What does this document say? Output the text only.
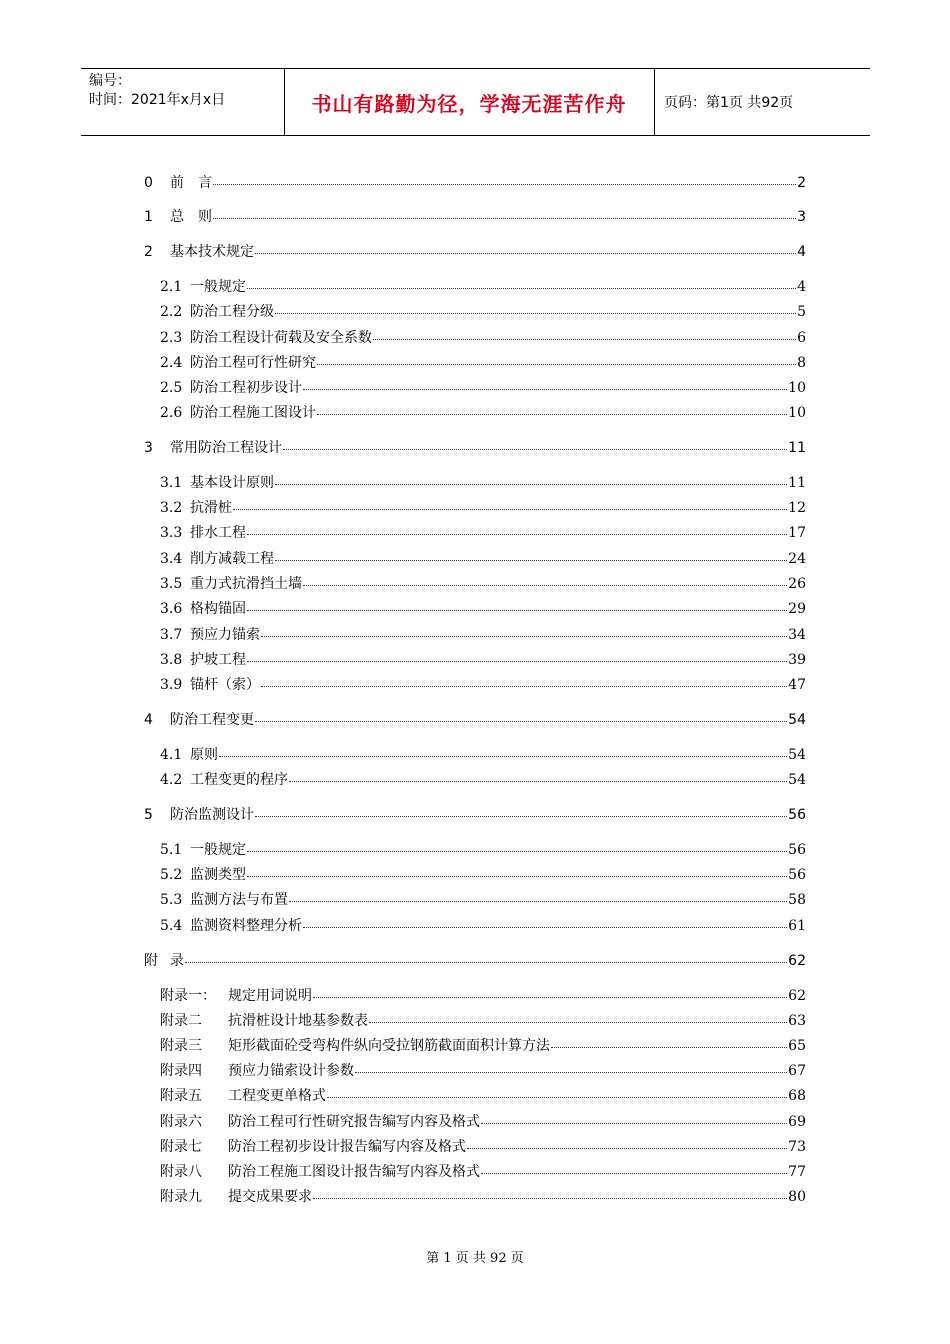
编号：
时间：2021年x月x日	书山有路勤为径，学海无涯苦作舟	页码：第1页 共92页
0	前　言	2
1	总　则	3
2	基本技术规定	4
2.1 一般规定	4
2.2 防治工程分级	5
2.3 防治工程设计荷载及安全系数	6
2.4 防治工程可行性研究	8
2.5 防治工程初步设计	10
2.6 防治工程施工图设计	10
3	常用防治工程设计	11
3.1 基本设计原则	11
3.2 抗滑桩	12
3.3 排水工程	17
3.4 削方减载工程	24
3.5 重力式抗滑挡土墙	26
3.6 格构锚固	29
3.7 预应力锚索	34
3.8 护坡工程	39
3.9 锚杆（索）	47
4	防治工程变更	54
4.1 原则	54
4.2 工程变更的程序	54
5	防治监测设计	56
5.1 一般规定	56
5.2 监测类型	56
5.3 监测方法与布置	58
5.4 监测资料整理分析	61
附 录	62
附录一： 规定用词说明	62
附录二	抗滑桩设计地基参数表	63
附录三	矩形截面砼受弯构件纵向受拉钢筋截面面积计算方法	65
附录四	预应力锚索设计参数	67
附录五	工程变更单格式	68
附录六	防治工程可行性研究报告编写内容及格式	69
附录七	防治工程初步设计报告编写内容及格式	73
附录八	防治工程施工图设计报告编写内容及格式	77
附录九	提交成果要求	80
第 1 页 共 92 页
